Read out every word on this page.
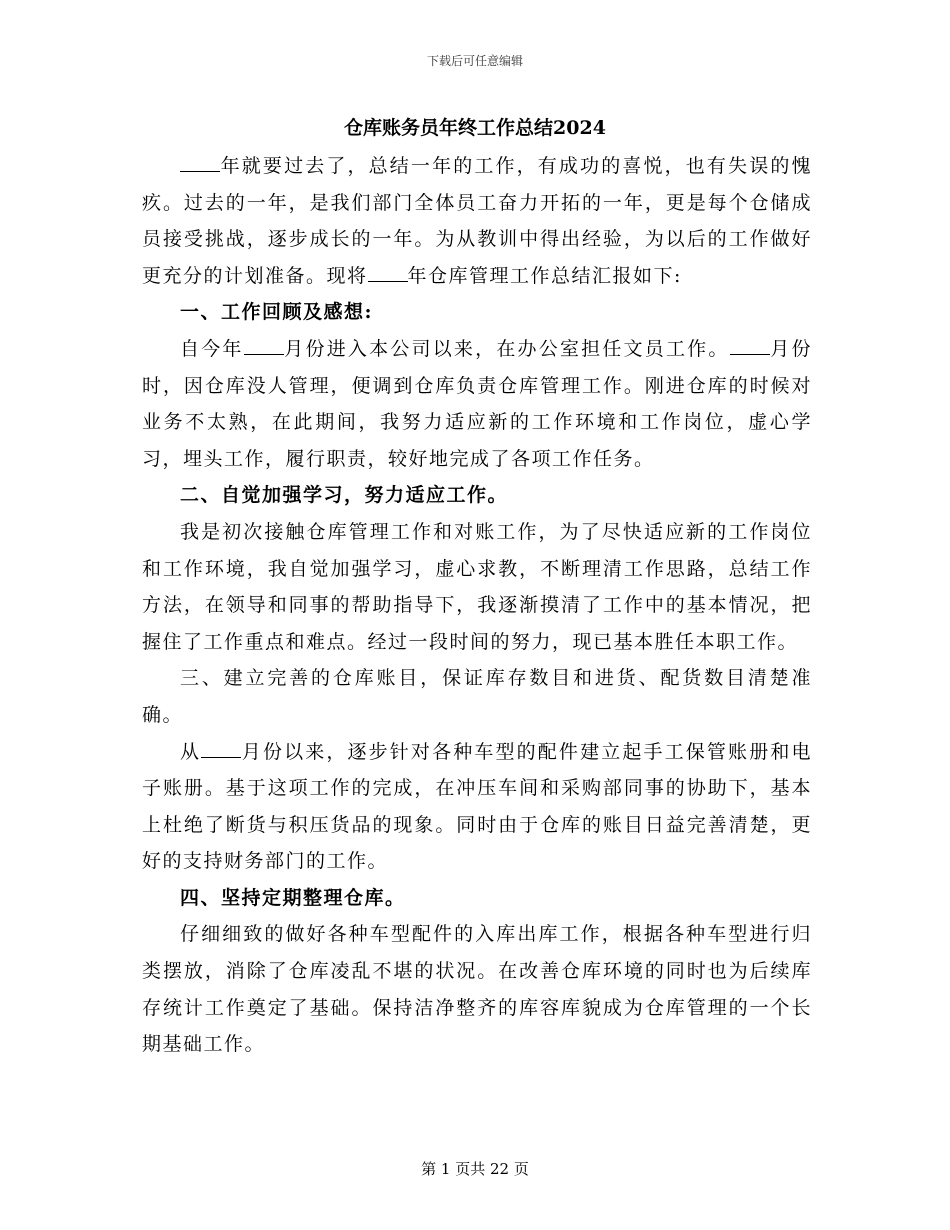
下载后可任意编辑
仓库账务员年终工作总结2024

年就要过去了，总结一年的工作，有成功的喜悦，也有失误的愧疚。过去的一年，是我们部门全体员工奋力开拓的一年，更是每个仓储成员接受挑战，逐步成长的一年。为从教训中得出经验，为以后的工作做好更充分的计划准备。现将 年仓库管理工作总结汇报如下:

一、工作回顾及感想:

自今年 月份进入本公司以来，在办公室担任文员工作。 月份时，因仓库没人管理，便调到仓库负责仓库管理工作。刚进仓库的时候对业务不太熟，在此期间，我努力适应新的工作环境和工作岗位，虚心学习，埋头工作，履行职责，较好地完成了各项工作任务。

二、自觉加强学习，努力适应工作。

我是初次接触仓库管理工作和对账工作，为了尽快适应新的工作岗位和工作环境，我自觉加强学习，虚心求教，不断理清工作思路，总结工作方法，在领导和同事的帮助指导下，我逐渐摸清了工作中的基本情况，把握住了工作重点和难点。经过一段时间的努力，现已基本胜任本职工作。

三、建立完善的仓库账目，保证库存数目和进货、配货数目清楚准确。

从 月份以来，逐步针对各种车型的配件建立起手工保管账册和电子账册。基于这项工作的完成，在冲压车间和采购部同事的协助下，基本上杜绝了断货与积压货品的现象。同时由于仓库的账目日益完善清楚，更好的支持财务部门的工作。

四、坚持定期整理仓库。

仔细细致的做好各种车型配件的入库出库工作，根据各种车型进行归类摆放，消除了仓库凌乱不堪的状况。在改善仓库环境的同时也为后续库存统计工作奠定了基础。保持洁净整齐的库容库貌成为仓库管理的一个长期基础工作。

第 1 页共 22 页
